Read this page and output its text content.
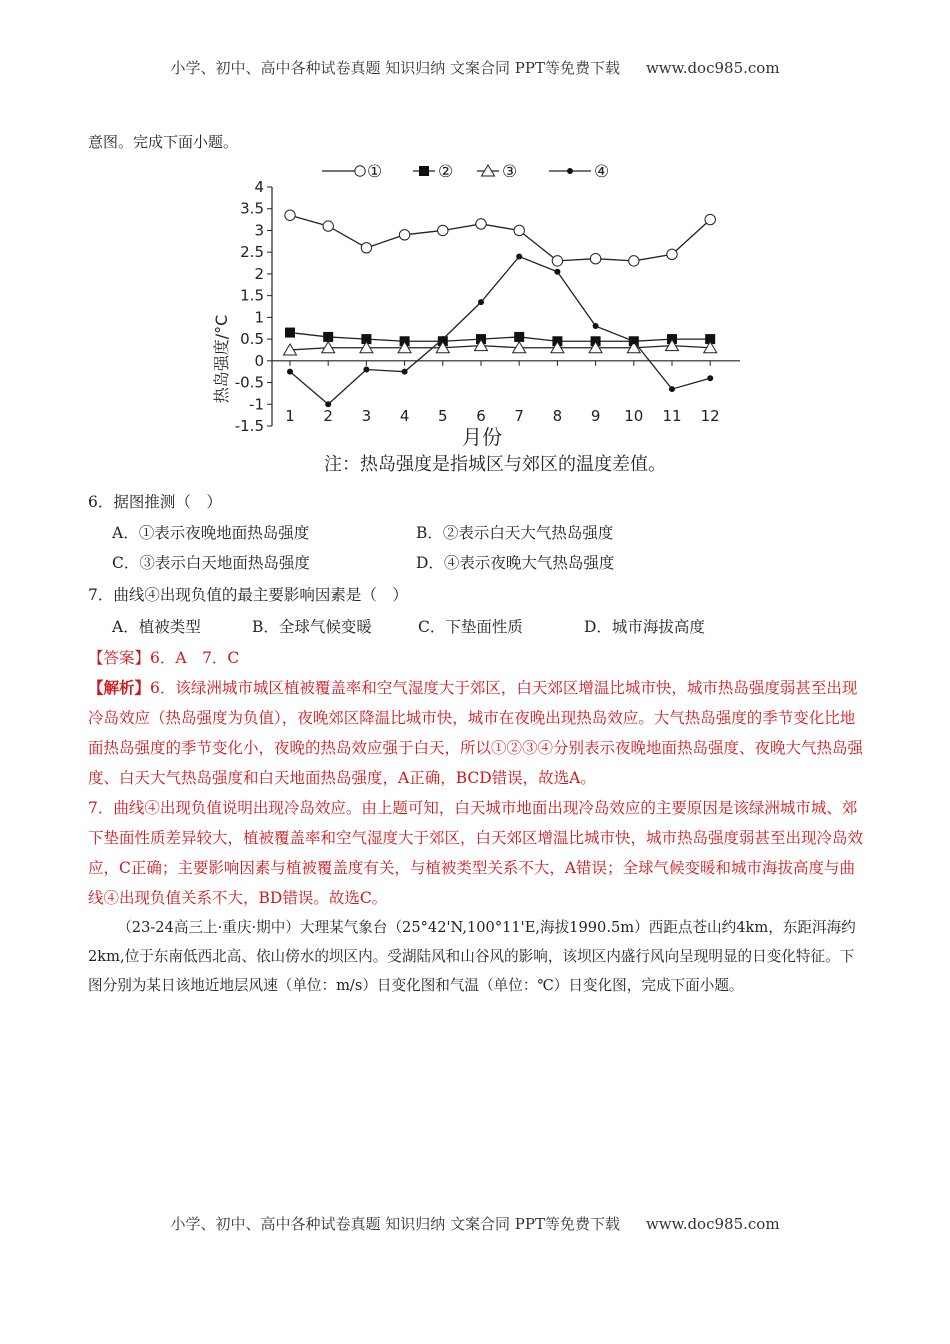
小学、初中、高中各种试卷真题 知识归纳 文案合同 PPT等免费下载 www.doc985.com
意图。完成下面小题。
①	②	③	④
4
3.5
3
2.5
2
1.5
1
0.5
0
-0.5
-1
-1.5
1 2 3 4 5 6 7 8 9 10 11 12
月份
热岛强度/°C
注：热岛强度是指城区与郊区的温度差值。
6．据图推测（　）
A．①表示夜晚地面热岛强度	B．②表示白天大气热岛强度
C．③表示白天地面热岛强度	D．④表示夜晚大气热岛强度
7．曲线④出现负值的最主要影响因素是（　）
A．植被类型	B．全球气候变暖	C．下垫面性质	D．城市海拔高度
【答案】6．A　7．C
【解析】6．该绿洲城市城区植被覆盖率和空气湿度大于郊区，白天郊区增温比城市快，城市热岛强度弱甚至出现冷岛效应（热岛强度为负值），夜晚郊区降温比城市快，城市在夜晚出现热岛效应。大气热岛强度的季节变化比地面热岛强度的季节变化小，夜晚的热岛效应强于白天，所以①②③④分别表示夜晚地面热岛强度、夜晚大气热岛强度、白天大气热岛强度和白天地面热岛强度，A正确，BCD错误，故选A。
7．曲线④出现负值说明出现冷岛效应。由上题可知，白天城市地面出现冷岛效应的主要原因是该绿洲城市城、郊下垫面性质差异较大，植被覆盖率和空气湿度大于郊区，白天郊区增温比城市快，城市热岛强度弱甚至出现冷岛效应，C正确；主要影响因素与植被覆盖度有关，与植被类型关系不大，A错误；全球气候变暖和城市海拔高度与曲线④出现负值关系不大，BD错误。故选C。
（23-24高三上·重庆·期中）大理某气象台（25°42'N,100°11'E,海拔1990.5m）西距点苍山约4km，东距洱海约2km,位于东南低西北高、依山傍水的坝区内。受湖陆风和山谷风的影响，该坝区内盛行风向呈现明显的日变化特征。下图分别为某日该地近地层风速（单位：m/s）日变化图和气温（单位：℃）日变化图，完成下面小题。
小学、初中、高中各种试卷真题 知识归纳 文案合同 PPT等免费下载 www.doc985.com
